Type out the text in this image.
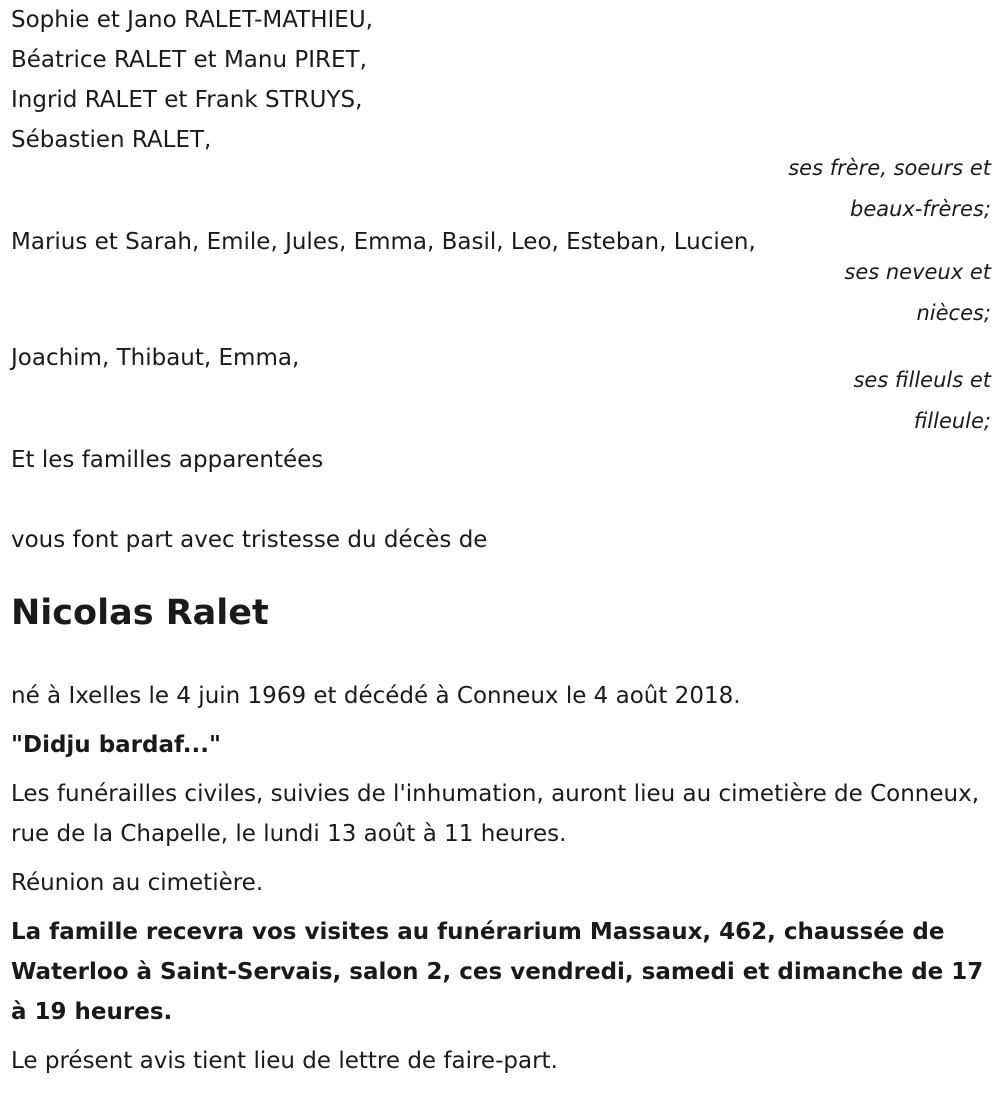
Sophie et Jano RALET-MATHIEU,
Béatrice RALET et Manu PIRET,
Ingrid RALET et Frank STRUYS,
Sébastien RALET,
ses frère, soeurs et
beaux-frères;
Marius et Sarah, Emile, Jules, Emma, Basil, Leo, Esteban, Lucien,
ses neveux et
nièces;
Joachim, Thibaut, Emma,
ses filleuls et
filleule;
Et les familles apparentées
vous font part avec tristesse du décès de
Nicolas Ralet

né à Ixelles le 4 juin 1969 et décédé à Conneux le 4 août 2018.

"Didju bardaf..."

Les funérailles civiles, suivies de l'inhumation, auront lieu au cimetière de Conneux, rue de la Chapelle, le lundi 13 août à 11 heures.

Réunion au cimetière.

La famille recevra vos visites au funérarium Massaux, 462, chaussée de Waterloo à Saint-Servais, salon 2, ces vendredi, samedi et dimanche de 17 à 19 heures.

Le présent avis tient lieu de lettre de faire-part.
